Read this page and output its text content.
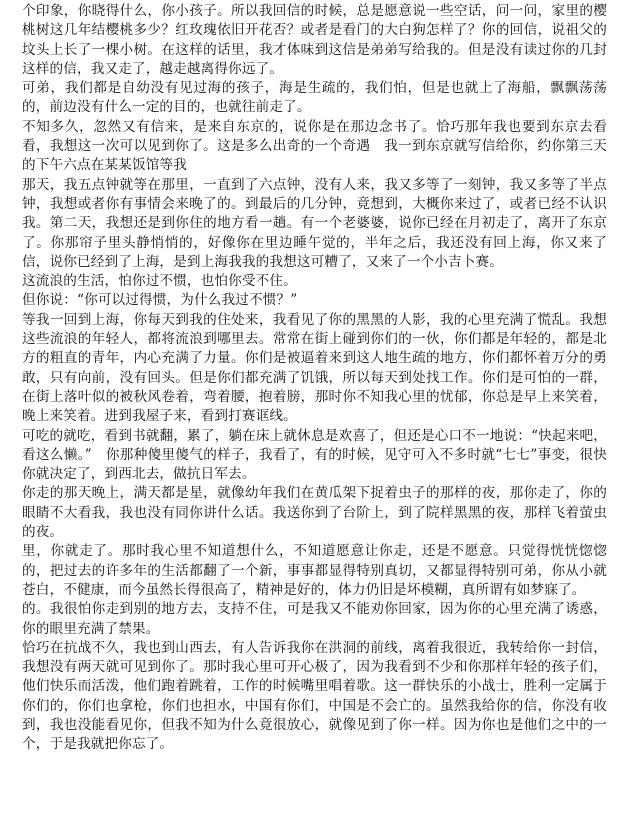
个印象，你晓得什么，你小孩子。所以我回信的时候，总是愿意说一些空话，问一问，家里的樱桃树这几年结樱桃多少？红玫瑰依旧开花否？或者是看门的大白狗怎样了？你的回信，说祖父的坟头上长了一棵小树。在这样的话里，我才体味到这信是弟弟写给我的。但是没有读过你的几封这样的信，我又走了，越走越离得你远了。

可弟，我们都是自幼没有见过海的孩子，海是生疏的，我们怕，但是也就上了海船，飘飘荡荡的，前边没有什么一定的目的，也就往前走了。

不知多久，忽然又有信来，是来自东京的，说你是在那边念书了。恰巧那年我也要到东京去看看，我想这一次可以见到你了。这是多么出奇的一个奇遇　我一到东京就写信给你，约你第三天的下午六点在某某饭馆等我

那天，我五点钟就等在那里，一直到了六点钟，没有人来，我又多等了一刻钟，我又多等了半点钟，我想或者你有事情会来晚了的。到最后的几分钟，竟想到，大概你来过了，或者已经不认识我。第二天，我想还是到你住的地方看一趟。有一个老婆婆，说你已经在月初走了，离开了东京了。你那帘子里头静悄悄的，好像你在里边睡午觉的，半年之后，我还没有回上海，你又来了信，说你已经到了上海，是到上海我我的我想这可糟了，又来了一个小吉卜赛。

这流浪的生活，怕你过不惯，也怕你受不住。

但你说：“你可以过得惯，为什么我过不惯？”

等我一回到上海，你每天到我的住处来，我看见了你的黑黑的人影，我的心里充满了慌乱。我想这些流浪的年轻人，都将流浪到哪里去。常常在街上碰到你们的一伙，你们都是年轻的，都是北方的粗直的青年，内心充满了力量。你们是被逼着来到这人地生疏的地方，你们都怀着万分的勇敢，只有向前，没有回头。但是你们都充满了饥饿，所以每天到处找工作。你们是可怕的一群，在街上落叶似的被秋风卷着，弯着腰，抱着膀，那时你不知我心里的忧郁，你总是早上来笑着，晚上来笑着。进到我屋子来，看到打赛诓线。

可吃的就吃，看到书就翻，累了，躺在床上就休息是欢喜了，但还是心口不一地说：“快起来吧，看这么懒。”　你那种傻里傻气的样子，我看了，有的时候，见守可入不多时就“七七”事变，很快你就决定了，到西北去，做抗日军去。

你走的那天晚上，满天都是星，就像幼年我们在黄瓜架下捉着虫子的那样的夜，那你走了，你的眼睛不大看我，我也没有同你讲什么话。我送你到了台阶上，到了院样黑黑的夜，那样飞着萤虫的夜。

里，你就走了。那时我心里不知道想什么，不知道愿意让你走，还是不愿意。只觉得恍恍惚惚的，把过去的许多年的生活都翻了一个新，事事都显得特别真切，又都显得特别可弟，你从小就苍白，不健康，而今虽然长得很高了，精神是好的，体力仍旧是坏模糊，真所谓有如梦寐了。

的。我很怕你走到别的地方去，支持不住，可是我又不能劝你回家，因为你的心里充满了诱惑，你的眼里充满了禁果。

恰巧在抗战不久，我也到山西去，有人告诉我你在洪洞的前线，离着我很近，我转给你一封信，我想没有两天就可见到你了。那时我心里可开心极了，因为我看到不少和你那样年轻的孩子们，他们快乐而活泼，他们跑着跳着，工作的时候嘴里唱着歌。这一群快乐的小战士，胜利一定属于你们的，你们也拿枪，你们也担水，中国有你们，中国是不会亡的。虽然我给你的信，你没有收到，我也没能看见你，但我不知为什么竟很放心，就像见到了你一样。因为你也是他们之中的一个，于是我就把你忘了。
